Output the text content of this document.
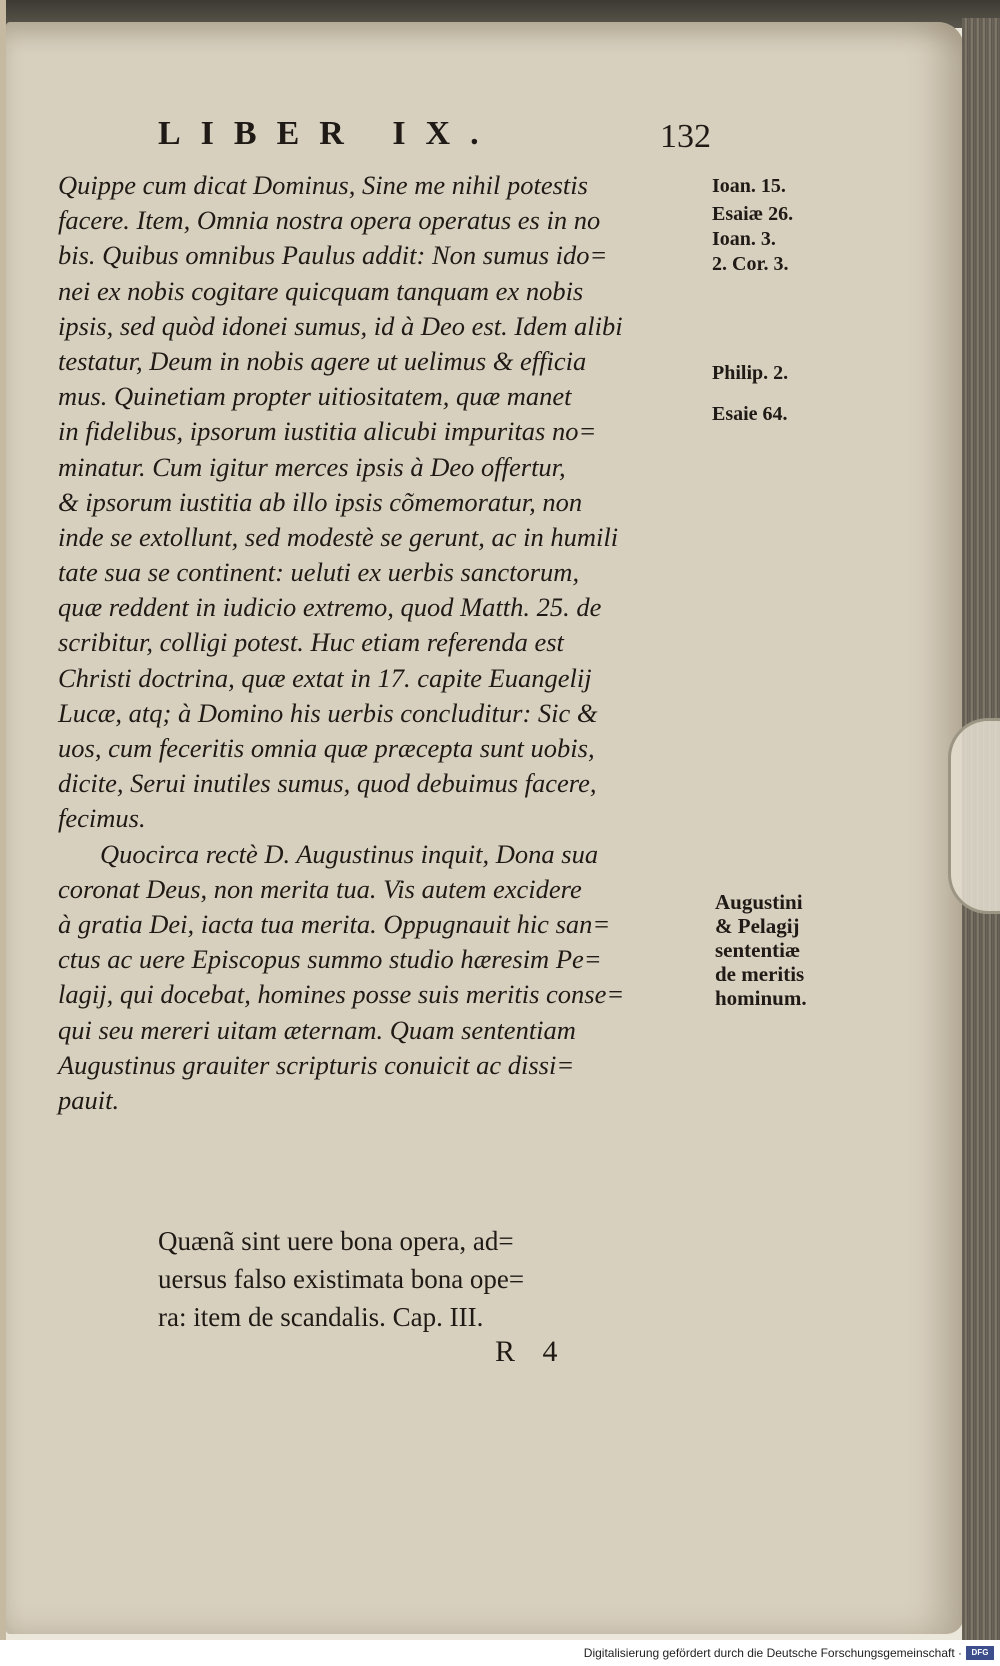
LIBER IX.	132
Quippe cum dicat Dominus, Sine me nihil potestis
facere. Item, Omnia nostra opera operatus es in no
bis. Quibus omnibus Paulus addit: Non sumus ido=
nei ex nobis cogitare quicquam tanquam ex nobis
ipsis, sed quòd idonei sumus, id à Deo est. Idem alibi
testatur, Deum in nobis agere ut uelimus & efficia
mus. Quinetiam propter uitiositatem, quæ manet
in fidelibus, ipsorum iustitia alicubi impuritas no=
minatur. Cum igitur merces ipsis à Deo offertur,
& ipsorum iustitia ab illo ipsis cõmemoratur, non
inde se extollunt, sed modestè se gerunt, ac in humili
tate sua se continent: ueluti ex uerbis sanctorum,
quæ reddent in iudicio extremo, quod Matth. 25. de
scribitur, colligi potest. Huc etiam referenda est
Christi doctrina, quæ extat in 17. capite Euangelij
Lucæ, atq; à Domino his uerbis concluditur: Sic &
uos, cum feceritis omnia quæ præcepta sunt uobis,
dicite, Serui inutiles sumus, quod debuimus facere,
fecimus.
Quocirca rectè D. Augustinus inquit, Dona sua
coronat Deus, non merita tua. Vis autem excidere
à gratia Dei, iacta tua merita. Oppugnauit hic san=
ctus ac uere Episcopus summo studio hæresim Pe=
lagij, qui docebat, homines posse suis meritis conse=
qui seu mereri uitam æternam. Quam sententiam
Augustinus grauiter scripturis conuicit ac dissi=
pauit.
Ioan. 15.
Esaiæ 26.
Ioan. 3.
2. Cor. 3.
Philip. 2.
Esaie 64.
Augustini
& Pelagij
sententiæ
de meritis
hominum.
Quænã sint uere bona opera, ad=
uersus falso existimata bona ope=
ra: item de scandalis. Cap. III.
R 4
Digitalisierung gefördert durch die Deutsche Forschungsgemeinschaft ·	DFG
